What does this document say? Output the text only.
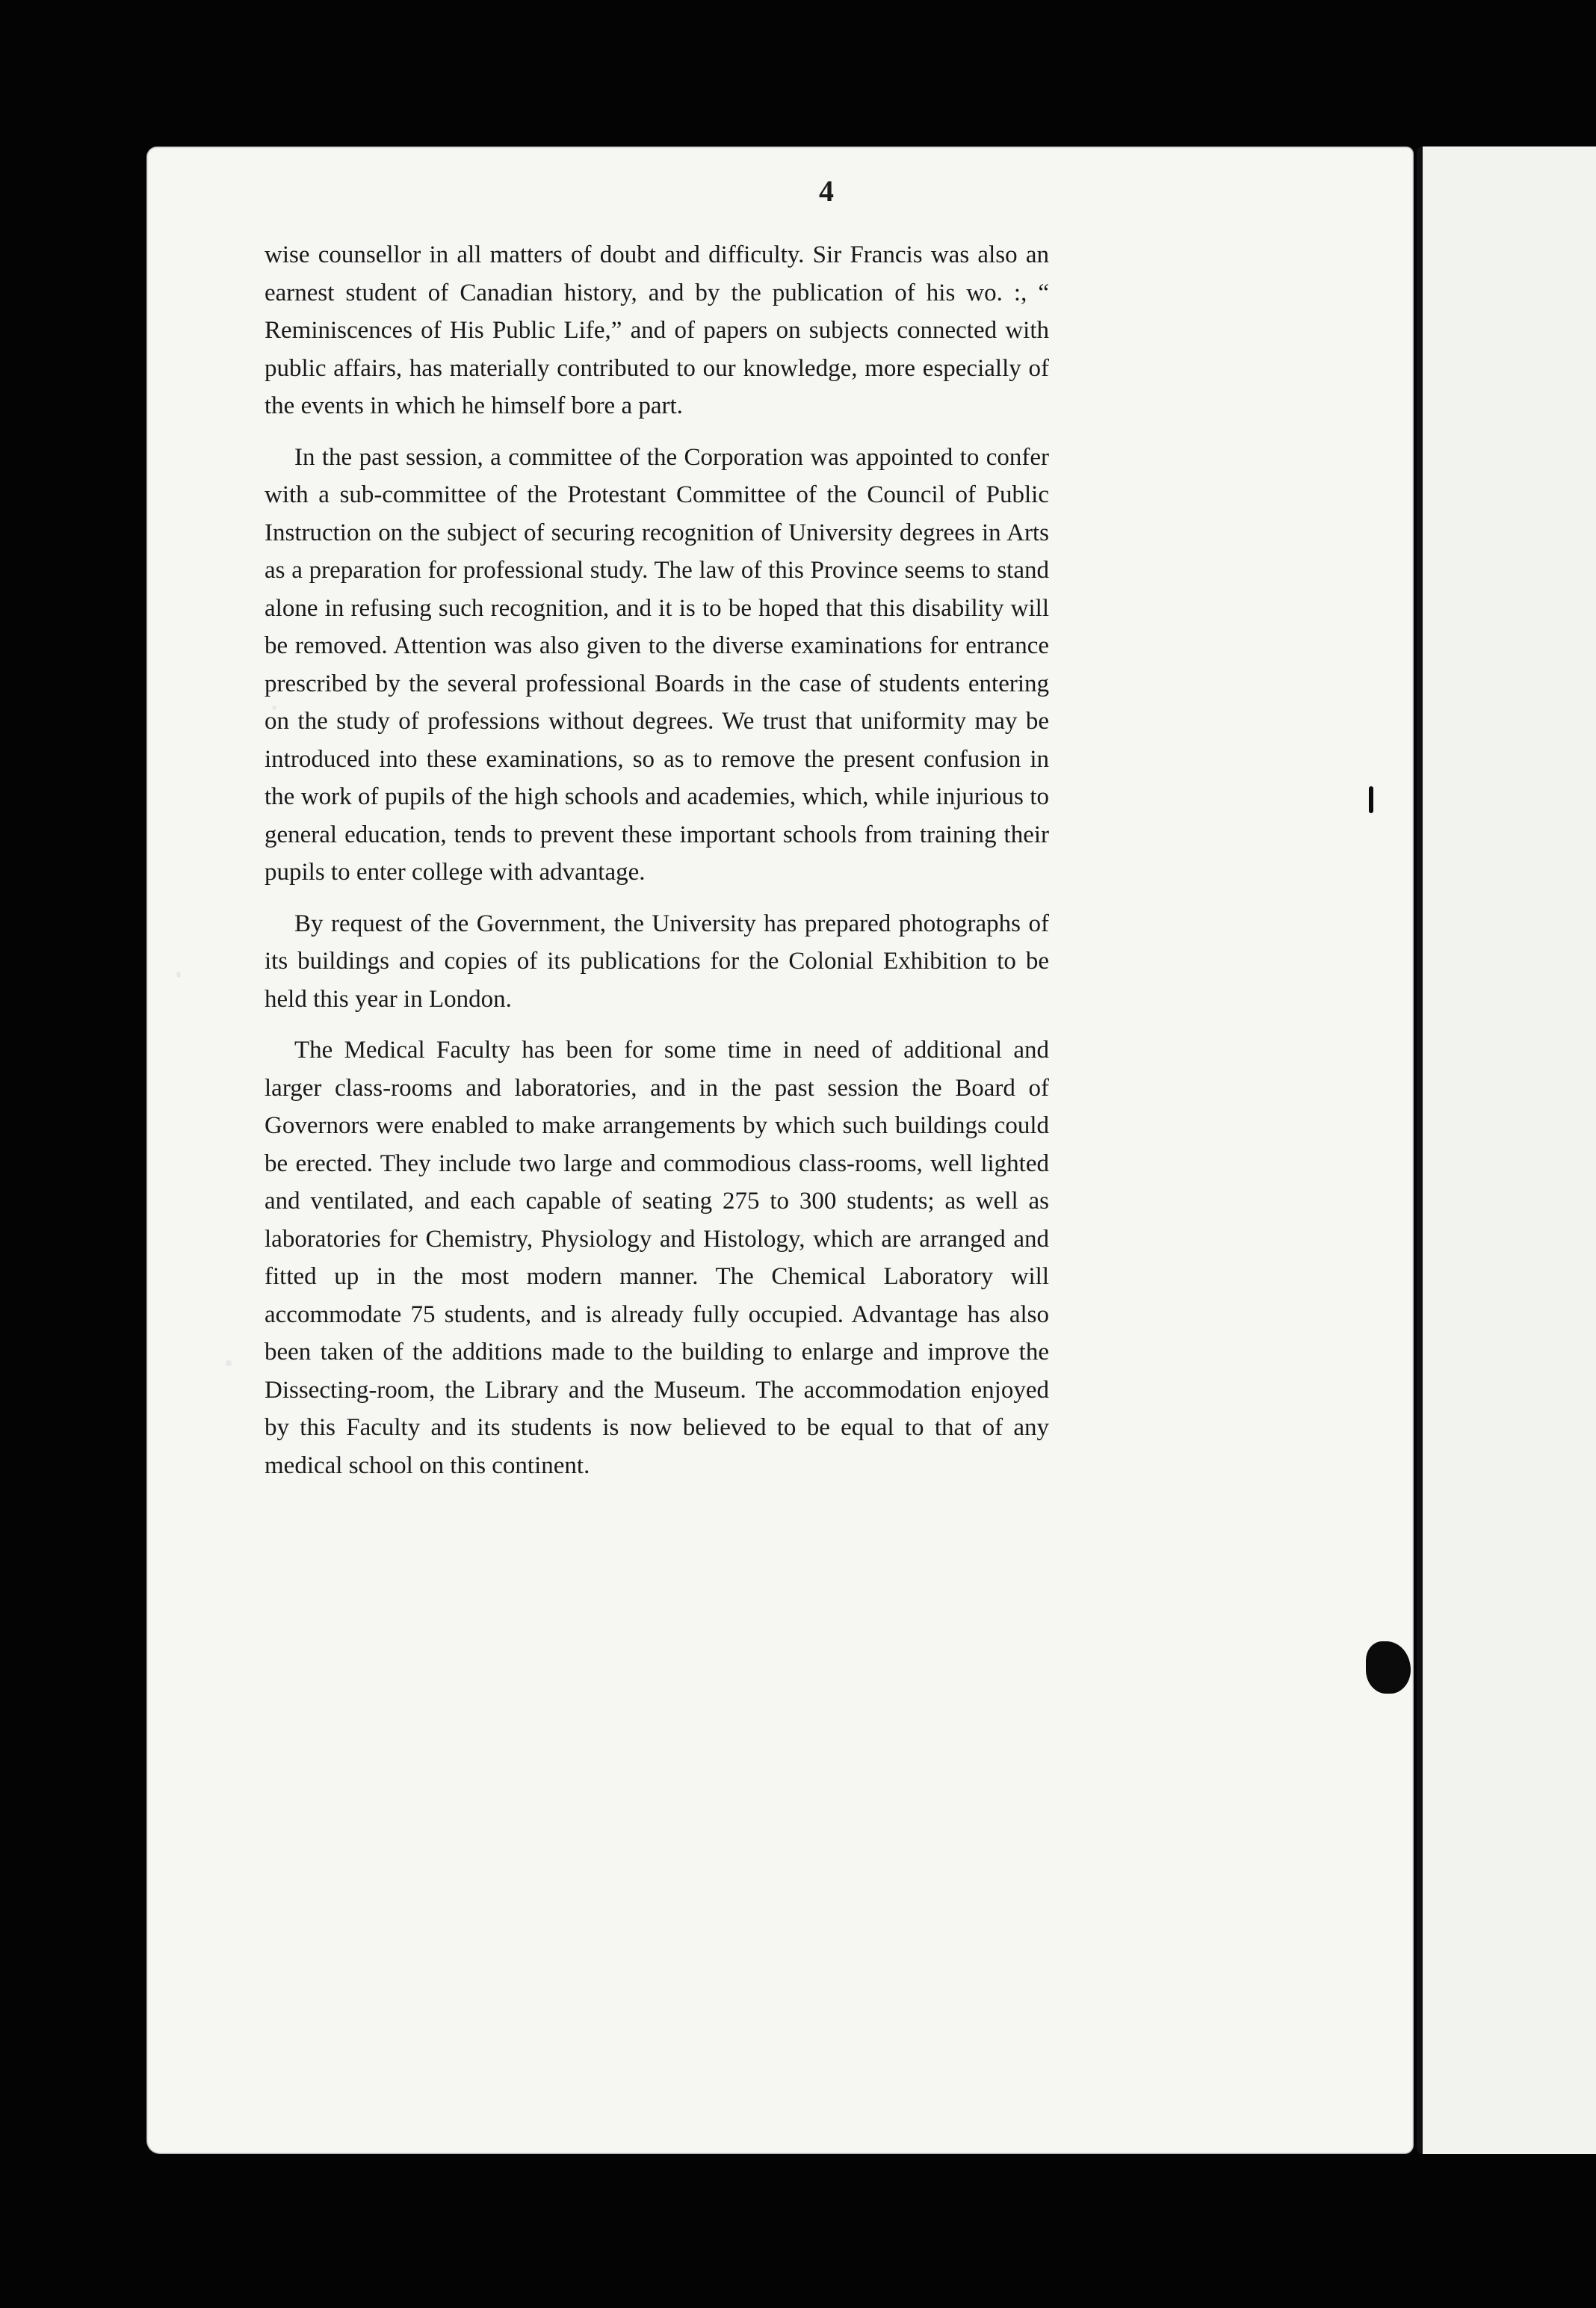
4

wise counsellor in all matters of doubt and difficulty. Sir Francis was also an earnest student of Canadian history, and by the publication of his wo. :, “ Reminiscences of His Public Life,” and of papers on subjects connected with public affairs, has materially contributed to our knowledge, more especially of the events in which he himself bore a part.

In the past session, a committee of the Corporation was appointed to confer with a sub-committee of the Protestant Committee of the Council of Public Instruction on the subject of securing recognition of University degrees in Arts as a preparation for professional study. The law of this Province seems to stand alone in refusing such recognition, and it is to be hoped that this disability will be removed. Attention was also given to the diverse examinations for entrance prescribed by the several professional Boards in the case of students entering on the study of professions without degrees. We trust that uniformity may be introduced into these examinations, so as to remove the present confusion in the work of pupils of the high schools and academies, which, while injurious to general education, tends to prevent these important schools from training their pupils to enter college with advantage.

By request of the Government, the University has prepared photographs of its buildings and copies of its publications for the Colonial Exhibition to be held this year in London.

The Medical Faculty has been for some time in need of additional and larger class-rooms and laboratories, and in the past session the Board of Governors were enabled to make arrangements by which such buildings could be erected. They include two large and commodious class-rooms, well lighted and ventilated, and each capable of seating 275 to 300 students; as well as laboratories for Chemistry, Physiology and Histology, which are arranged and fitted up in the most modern manner. The Chemical Laboratory will accommodate 75 students, and is already fully occupied. Advantage has also been taken of the additions made to the building to enlarge and improve the Dissecting-room, the Library and the Museum. The accommodation enjoyed by this Faculty and its students is now believed to be equal to that of any medical school on this continent.
